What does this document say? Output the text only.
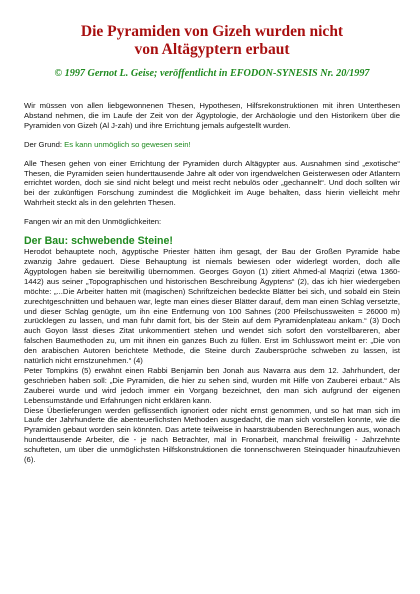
Die Pyramiden von Gizeh wurden nicht
von Altägyptern erbaut

© 1997 Gernot L. Geise; veröffentlicht in EFODON-SYNESIS Nr. 20/1997

Wir müssen von allen liebgewonnenen Thesen, Hypothesen, Hilfsrekonstruktionen mit ihren Unterthesen Abstand nehmen, die im Laufe der Zeit von der Ägyptologie, der Archäologie und den Historikern über die Pyramiden von Gizeh (Al J-zah) und ihre Errichtung jemals aufgestellt wurden.

Der Grund: Es kann unmöglich so gewesen sein!

Alle Thesen gehen von einer Errichtung der Pyramiden durch Altägypter aus. Ausnahmen sind „exotische“ Thesen, die Pyramiden seien hunderttausende Jahre alt oder von irgendwelchen Geisterwesen oder Atlantern errichtet worden, doch sie sind nicht belegt und meist recht nebulös oder „gechannelt“. Und doch sollten wir bei der zukünftigen Forschung zumindest die Möglichkeit im Auge behalten, dass hierin vielleicht mehr Wahrheit steckt als in den gelehrten Thesen.

Fangen wir an mit den Unmöglichkeiten:

Der Bau: schwebende Steine!

Herodot behauptete noch, ägyptische Priester hätten ihm gesagt, der Bau der Großen Pyramide habe zwanzig Jahre gedauert. Diese Behauptung ist niemals bewiesen oder widerlegt worden, doch alle Ägyptologen haben sie bereitwillig übernommen. Georges Goyon (1) zitiert Ahmed-al Maqrizi (etwa 1360-1442) aus seiner „Topographischen und historischen Beschreibung Ägyptens“ (2), das ich hier wiedergeben möchte: „...Die Arbeiter hatten mit (magischen) Schriftzeichen bedeckte Blätter bei sich, und sobald ein Stein zurechtgeschnitten und behauen war, legte man eines dieser Blätter darauf, dem man einen Schlag versetzte, und dieser Schlag genügte, um ihn eine Entfernung von 100 Sahnes (200 Pfeilschussweiten = 26000 m) zurücklegen zu lassen, und man fuhr damit fort, bis der Stein auf dem Pyramidenplateau ankam.“ (3) Doch auch Goyon lässt dieses Zitat unkommentiert stehen und wendet sich sofort den vorstellbareren, aber falschen Baumethoden zu, um mit ihnen ein ganzes Buch zu füllen. Erst im Schlusswort meint er: „Die von den arabischen Autoren berichtete Methode, die Steine durch Zaubersprüche schweben zu lassen, ist natürlich nicht ernstzunehmen.“ (4)

Peter Tompkins (5) erwähnt einen Rabbi Benjamin ben Jonah aus Navarra aus dem 12. Jahrhundert, der geschrieben haben soll: „Die Pyramiden, die hier zu sehen sind, wurden mit Hilfe von Zauberei erbaut.“ Als Zauberei wurde und wird jedoch immer ein Vorgang bezeichnet, den man sich aufgrund der eigenen Lebensumstände und Erfahrungen nicht erklären kann.

Diese Überlieferungen werden geflissentlich ignoriert oder nicht ernst genommen, und so hat man sich im Laufe der Jahrhunderte die abenteuerlichsten Methoden ausgedacht, die man sich vorstellen konnte, wie die Pyramiden gebaut worden sein könnten. Das artete teilweise in haarsträubenden Berechnungen aus, wonach hunderttausende Arbeiter, die - je nach Betrachter, mal in Fronarbeit, manchmal freiwillig - Jahrzehnte schufteten, um über die unmöglichsten Hilfskonstruktionen die tonnenschweren Steinquader hinaufzuhieven (6).
